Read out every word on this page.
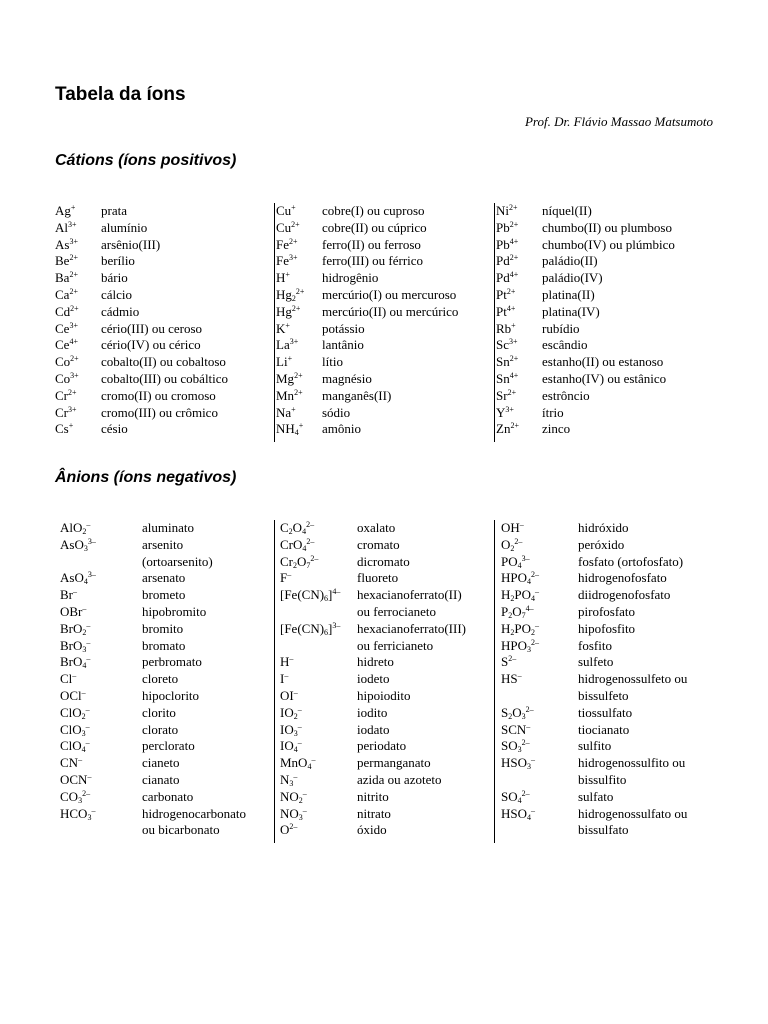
Tabela da íons
Prof. Dr. Flávio Massao Matsumoto
Cátions (íons positivos)
Ag+ prata
$Al^{3+}$ alumínio
$As^{3+}$ arsênio(III)
$Be^{2+}$ berílio
$Ba^{2+}$ bário
$Ca^{2+}$ cálcio
$Cd^{2+}$ cádmio
$Ce^{3+}$ cério(III) ou ceroso
$Ce^{4+}$ cério(IV) ou cérico
$Co^{2+}$ cobalto(II) ou cobaltoso
$Co^{3+}$ cobalto(III) ou cobáltico
$Cr^{2+}$ cromo(II) ou cromoso
$Cr^{3+}$ cromo(III) ou crômico
Cs+ césio
Cu+ cobre(I) ou cuproso
$Cu^{2+}$ cobre(II) ou cúprico
$Fe^{2+}$ ferro(II) ou ferroso
$Fe^{3+}$ ferro(III) ou férrico
H+ hidrogênio
$Hg_2^{2+}$ mercúrio(I) ou mercuroso
$Hg^{2+}$ mercúrio(II) ou mercúrico
K+ potássio
$La^{3+}$ lantânio
Li+ lítio
$Mg^{2+}$ magnésio
$Mn^{2+}$ manganês(II)
Na+ sódio
$NH_4^+$ amônio
$Ni^{2+}$ níquel(II)
$Pb^{2+}$ chumbo(II) ou plumboso
$Pb^{4+}$ chumbo(IV) ou plúmbico
$Pd^{2+}$ paládio(II)
$Pd^{4+}$ paládio(IV)
$Pt^{2+}$ platina(II)
$Pt^{4+}$ platina(IV)
Rb+ rubídio
$Sc^{3+}$ escândio
$Sn^{2+}$ estanho(II) ou estanoso
$Sn^{4+}$ estanho(IV) ou estânico
$Sr^{2+}$ estrôncio
$Y^{3+}$ ítrio
$Zn^{2+}$ zinco
Ânions (íons negativos)
AlO$_2$–	aluminato
AsO$_3^{3-}$	arsenito
(ortoarsenito)
AsO$_4^{3-}$	arsenato
Br–	brometo
OBr–	hipobromito
BrO$_2$–	bromito
BrO$_3$–	bromato
BrO$_4$–	perbromato
Cl–	cloreto
OCl–	hipoclorito
ClO$_2$–	clorito
ClO$_3$–	clorato
ClO$_4$–	perclorato
CN–	cianeto
OCN–	cianato
$CO_3^{2-}$	carbonato
$HCO_3^-$	hidrogenocarbonato
ou bicarbonato
$C_2O_4^{2-}$	oxalato
CrO$_4^{2-}$	cromato
$Cr_2O_7^{2-}$	dicromato
F–	fluoreto
$[Fe(CN)_6]^{4-}$ hexacianoferrato(II)
ou ferrocianeto
$[Fe(CN)_6]^{3-}$ hexacianoferrato(III)
ou ferricianeto
H–	hidreto
I–	iodeto
OI–	hipoiodito
$IO_2^-$	iodito
$IO_3^-$	iodato
$IO_4^-$	periodato
MnO$_4$–	permanganato
$N_3^-$	azida ou azoteto
$NO_2^-$	nitrito
$NO_3^-$	nitrato
$O^{2-}$	óxido
OH–	hidróxido
$O_2^{2-}$	peróxido
$PO_4^{3-}$	fosfato (ortofosfato)
$HPO_4^{2-}$	hidrogenofosfato
$H_2PO_4^-$	diidrogenofosfato
$P_2O_7^{4-}$	pirofosfato
$H_2PO_2^-$	hipofosfito
$HPO_3^{2-}$	fosfito
$S^{2-}$	sulfeto
HS–	hidrogenossulfeto ou
bissulfeto
$S_2O_3^{2-}$	tiossulfato
SCN–	tiocianato
$SO_3^{2-}$	sulfito
$HSO_3^-$	hidrogenossulfito ou
bissulfito
$SO_4^{2-}$	sulfato
$HSO_4^-$	hidrogenossulfato ou
bissulfato
